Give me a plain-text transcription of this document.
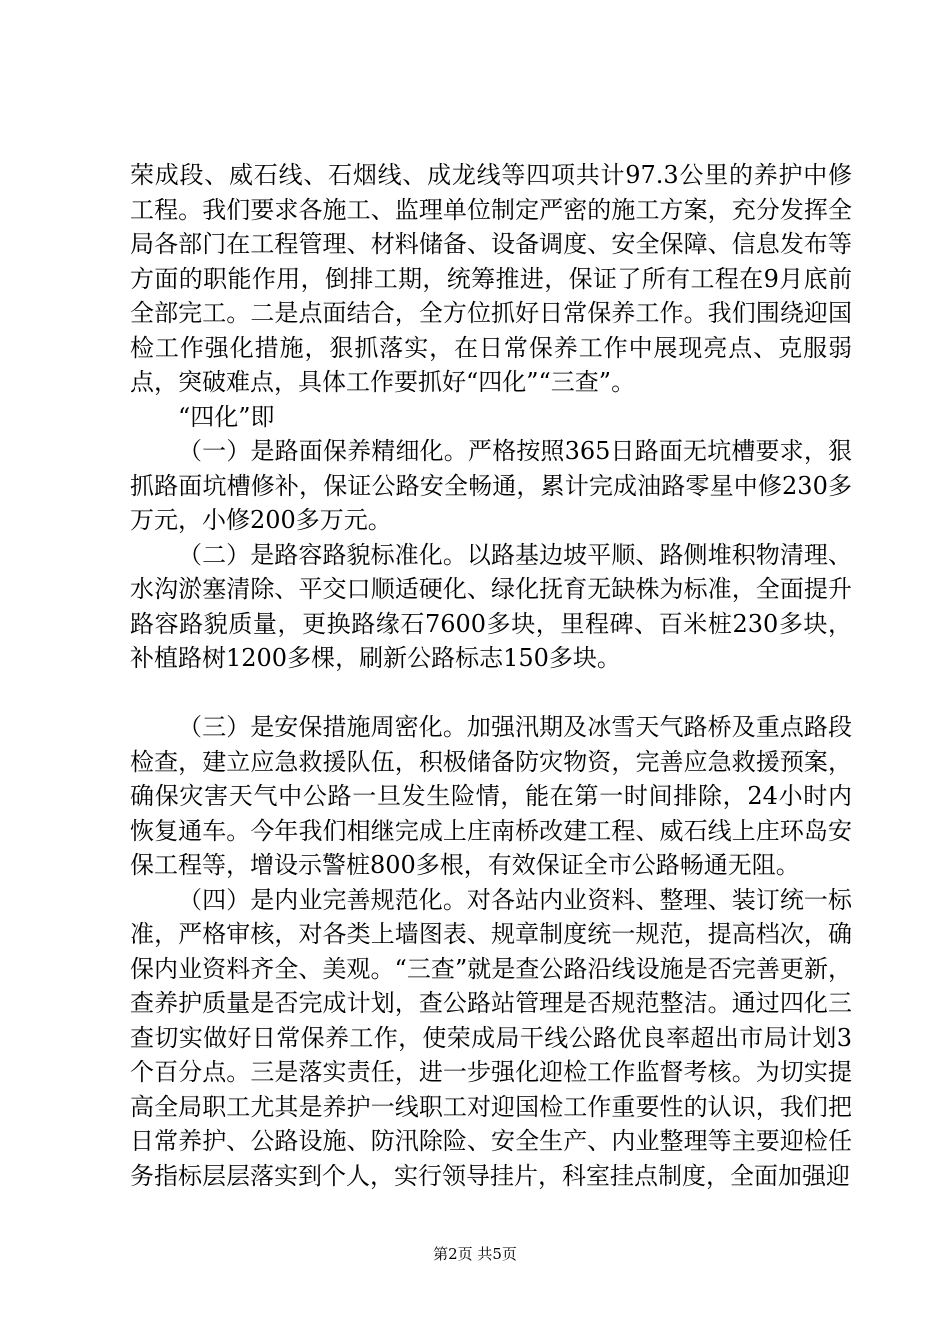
荣成段、威石线、石烟线、成龙线等四项共计97.3公里的养护中修工程。我们要求各施工、监理单位制定严密的施工方案，充分发挥全局各部门在工程管理、材料储备、设备调度、安全保障、信息发布等方面的职能作用，倒排工期，统筹推进，保证了所有工程在9月底前全部完工。二是点面结合，全方位抓好日常保养工作。我们围绕迎国检工作强化措施，狠抓落实，在日常保养工作中展现亮点、克服弱点，突破难点，具体工作要抓好“四化”“三查”。

“四化”即

（一）是路面保养精细化。严格按照365日路面无坑槽要求，狠抓路面坑槽修补，保证公路安全畅通，累计完成油路零星中修230多万元，小修200多万元。

（二）是路容路貌标准化。以路基边坡平顺、路侧堆积物清理、水沟淤塞清除、平交口顺适硬化、绿化抚育无缺株为标准，全面提升路容路貌质量，更换路缘石7600多块，里程碑、百米桩230多块，补植路树1200多棵，刷新公路标志150多块。

（三）是安保措施周密化。加强汛期及冰雪天气路桥及重点路段检查，建立应急救援队伍，积极储备防灾物资，完善应急救援预案，确保灾害天气中公路一旦发生险情，能在第一时间排除，24小时内恢复通车。今年我们相继完成上庄南桥改建工程、威石线上庄环岛安保工程等，增设示警桩800多根，有效保证全市公路畅通无阻。

（四）是内业完善规范化。对各站内业资料、整理、装订统一标准，严格审核，对各类上墙图表、规章制度统一规范，提高档次，确保内业资料齐全、美观。“三查”就是查公路沿线设施是否完善更新，查养护质量是否完成计划，查公路站管理是否规范整洁。通过四化三查切实做好日常保养工作，使荣成局干线公路优良率超出市局计划3个百分点。三是落实责任，进一步强化迎检工作监督考核。为切实提高全局职工尤其是养护一线职工对迎国检工作重要性的认识，我们把日常养护、公路设施、防汛除险、安全生产、内业整理等主要迎检任务指标层层落实到个人，实行领导挂片，科室挂点制度，全面加强迎

第2页 共5页
